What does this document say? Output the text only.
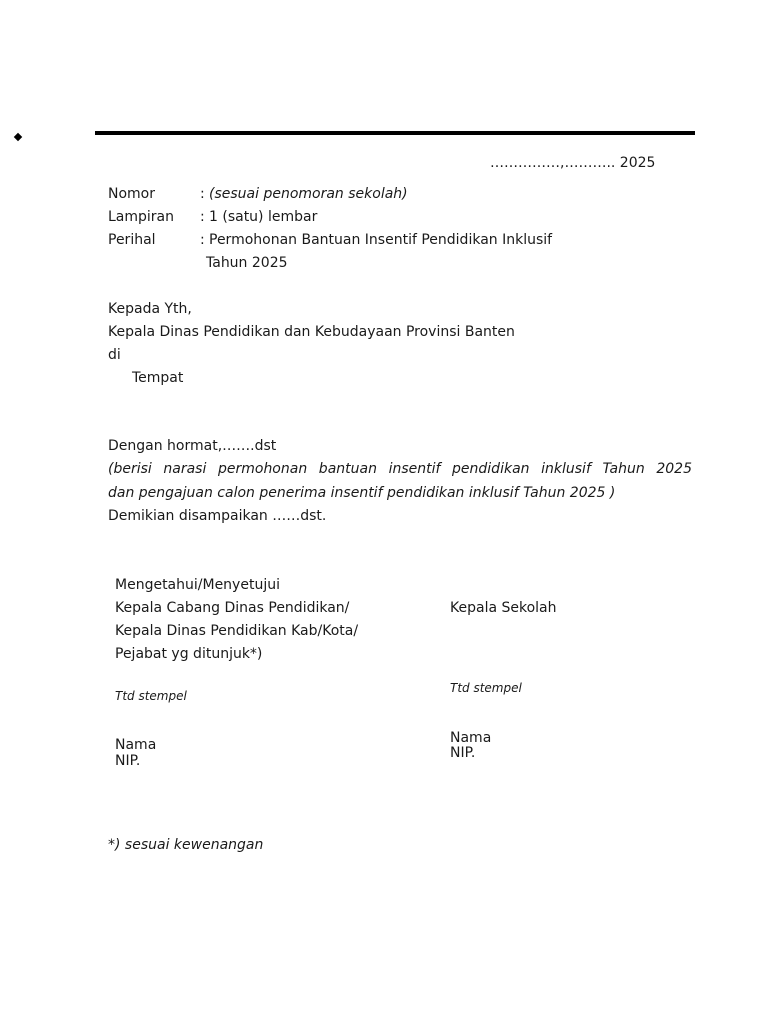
……………,……….. 2025
Nomor	: (sesuai penomoran sekolah)
Lampiran : 1 (satu) lembar
Perihal	: Permohonan Bantuan Insentif Pendidikan Inklusif
Tahun 2025
Kepada Yth,
Kepala Dinas Pendidikan dan Kebudayaan Provinsi Banten
di
Tempat
Dengan hormat,…….dst
(berisi narasi permohonan bantuan insentif pendidikan inklusif Tahun 2025
dan pengajuan calon penerima insentif pendidikan inklusif Tahun 2025 )
Demikian disampaikan ……dst.
Mengetahui/Menyetujui
Kepala Cabang Dinas Pendidikan/
Kepala Dinas Pendidikan Kab/Kota/
Pejabat yg ditunjuk*)
Ttd stempel
Nama
NIP.
Kepala Sekolah
Ttd stempel
Nama
NIP.
*) sesuai kewenangan
